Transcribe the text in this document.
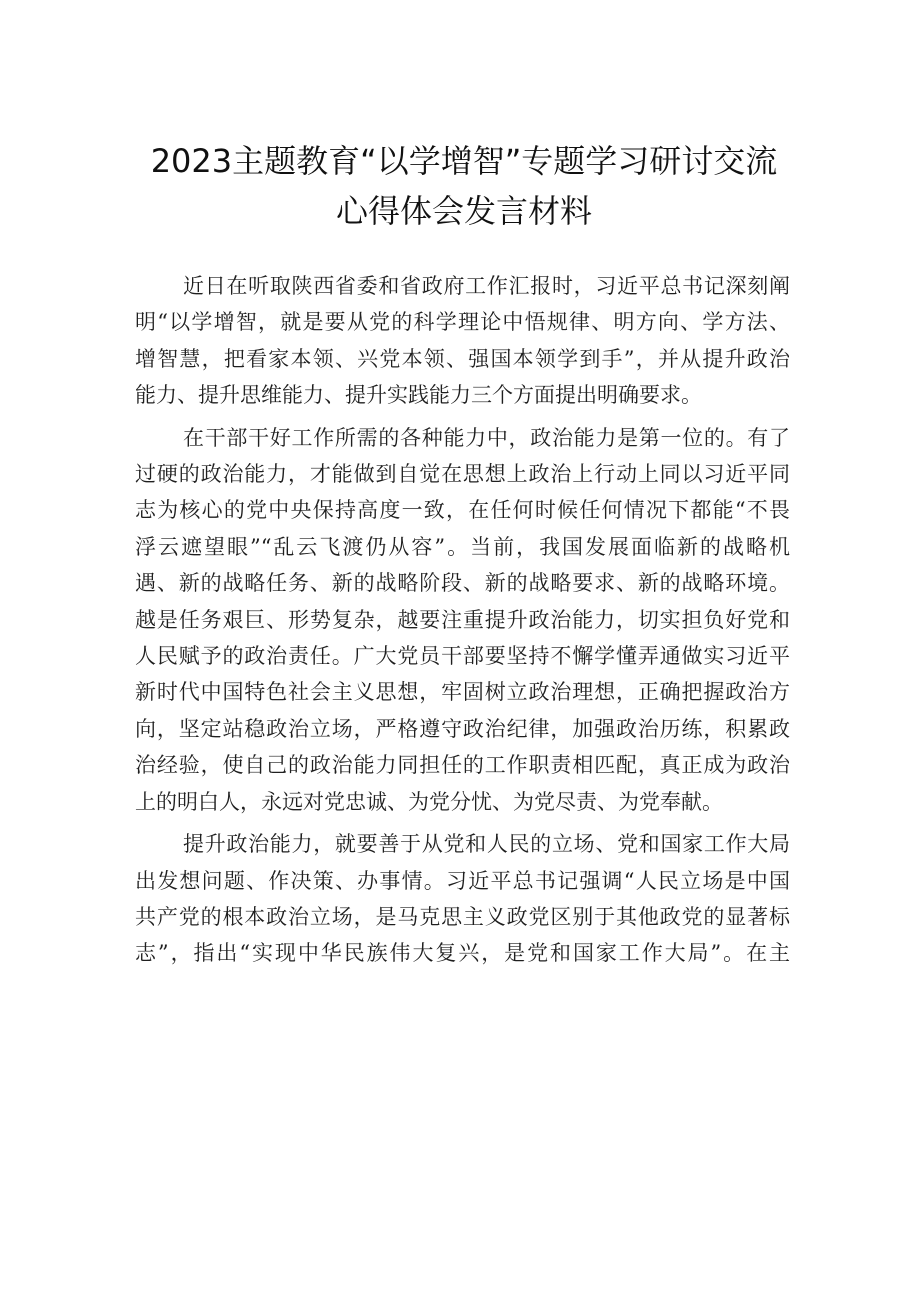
2023主题教育“以学增智”专题学习研讨交流
心得体会发言材料
近日在听取陕西省委和省政府工作汇报时，习近平总书记深刻阐
明“以学增智，就是要从党的科学理论中悟规律、明方向、学方法、
增智慧，把看家本领、兴党本领、强国本领学到手”，并从提升政治
能力、提升思维能力、提升实践能力三个方面提出明确要求。
在干部干好工作所需的各种能力中，政治能力是第一位的。有了
过硬的政治能力，才能做到自觉在思想上政治上行动上同以习近平同
志为核心的党中央保持高度一致，在任何时候任何情况下都能“不畏
浮云遮望眼”“乱云飞渡仍从容”。当前，我国发展面临新的战略机
遇、新的战略任务、新的战略阶段、新的战略要求、新的战略环境。
越是任务艰巨、形势复杂，越要注重提升政治能力，切实担负好党和
人民赋予的政治责任。广大党员干部要坚持不懈学懂弄通做实习近平
新时代中国特色社会主义思想，牢固树立政治理想，正确把握政治方
向，坚定站稳政治立场，严格遵守政治纪律，加强政治历练，积累政
治经验，使自己的政治能力同担任的工作职责相匹配，真正成为政治
上的明白人，永远对党忠诚、为党分忧、为党尽责、为党奉献。
提升政治能力，就要善于从党和人民的立场、党和国家工作大局
出发想问题、作决策、办事情。习近平总书记强调“人民立场是中国
共产党的根本政治立场，是马克思主义政党区别于其他政党的显著标
志”，指出“实现中华民族伟大复兴，是党和国家工作大局”。在主
